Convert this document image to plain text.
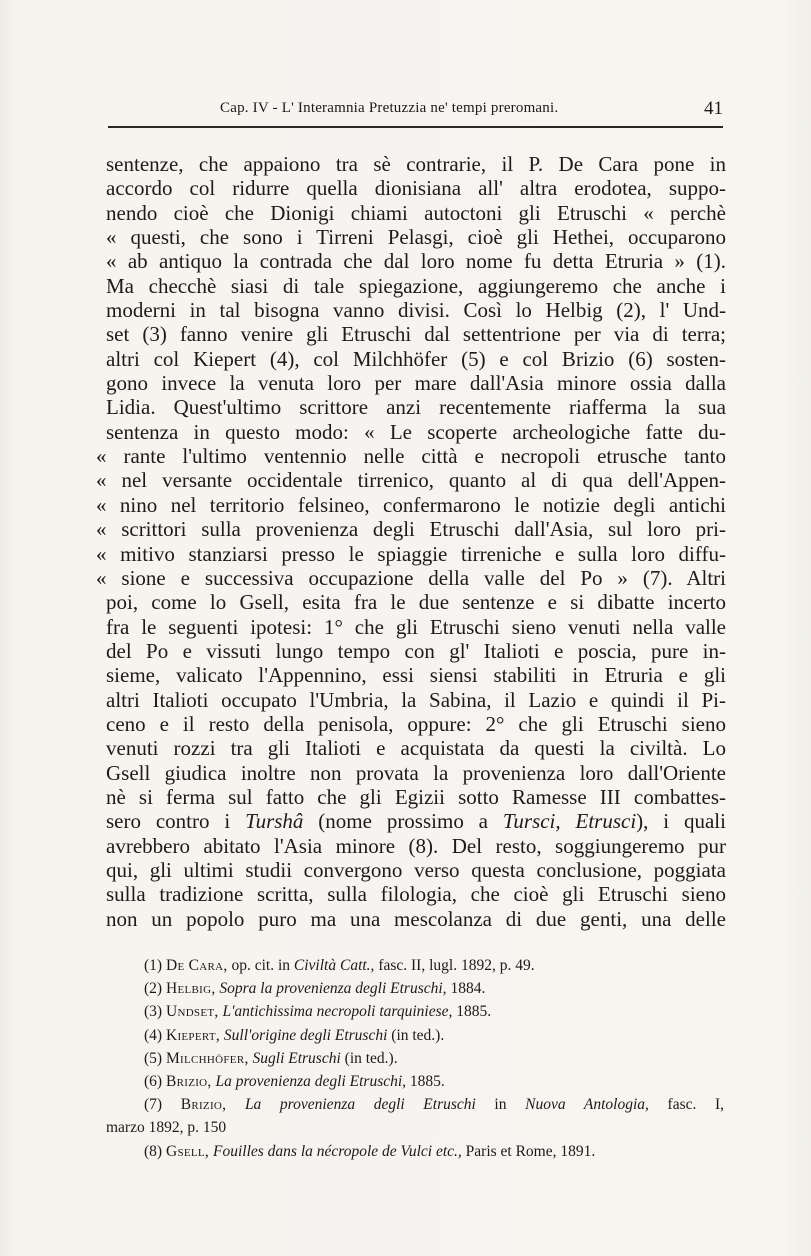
Cap. IV - L' Interamnia Pretuzzia ne' tempi preromani.	41
sentenze, che appaiono tra sè contrarie, il P. De Cara pone in
accordo col ridurre quella dionisiana all' altra erodotea, suppo-
nendo cioè che Dionigi chiami autoctoni gli Etruschi « perchè
« questi, che sono i Tirreni Pelasgi, cioè gli Hethei, occuparono
« ab antiquo la contrada che dal loro nome fu detta Etruria » (1).
Ma checchè siasi di tale spiegazione, aggiungeremo che anche i
moderni in tal bisogna vanno divisi. Così lo Helbig (2), l' Und-
set (3) fanno venire gli Etruschi dal settentrione per via di terra;
altri col Kiepert (4), col Milchhöfer (5) e col Brizio (6) sosten-
gono invece la venuta loro per mare dall'Asia minore ossia dalla
Lidia. Quest'ultimo scrittore anzi recentemente riafferma la sua
sentenza in questo modo: « Le scoperte archeologiche fatte du-
« rante l'ultimo ventennio nelle città e necropoli etrusche tanto
« nel versante occidentale tirrenico, quanto al di qua dell'Appen-
« nino nel territorio felsineo, confermarono le notizie degli antichi
« scrittori sulla provenienza degli Etruschi dall'Asia, sul loro pri-
« mitivo stanziarsi presso le spiaggie tirreniche e sulla loro diffu-
« sione e successiva occupazione della valle del Po » (7). Altri
poi, come lo Gsell, esita fra le due sentenze e si dibatte incerto
fra le seguenti ipotesi: 1° che gli Etruschi sieno venuti nella valle
del Po e vissuti lungo tempo con gl' Italioti e poscia, pure in-
sieme, valicato l'Appennino, essi siensi stabiliti in Etruria e gli
altri Italioti occupato l'Umbria, la Sabina, il Lazio e quindi il Pi-
ceno e il resto della penisola, oppure: 2° che gli Etruschi sieno
venuti rozzi tra gli Italioti e acquistata da questi la civiltà. Lo
Gsell giudica inoltre non provata la provenienza loro dall'Oriente
nè si ferma sul fatto che gli Egizii sotto Ramesse III combattes-
sero contro i Turshâ (nome prossimo a Tursci, Etrusci), i quali
avrebbero abitato l'Asia minore (8). Del resto, soggiungeremo pur
qui, gli ultimi studii convergono verso questa conclusione, poggiata
sulla tradizione scritta, sulla filologia, che cioè gli Etruschi sieno
non un popolo puro ma una mescolanza di due genti, una delle
(1) De Cara, op. cit. in Civiltà Catt., fasc. II, lugl. 1892, p. 49.
(2) Helbig, Sopra la provenienza degli Etruschi, 1884.
(3) Undset, L'antichissima necropoli tarquiniese, 1885.
(4) Kiepert, Sull'origine degli Etruschi (in ted.).
(5) Milchhöfer, Sugli Etruschi (in ted.).
(6) Brizio, La provenienza degli Etruschi, 1885.
(7) Brizio, La provenienza degli Etruschi in Nuova Antologia, fasc. I,
marzo 1892, p. 150
(8) Gsell, Fouilles dans la nécropole de Vulci etc., Paris et Rome, 1891.
